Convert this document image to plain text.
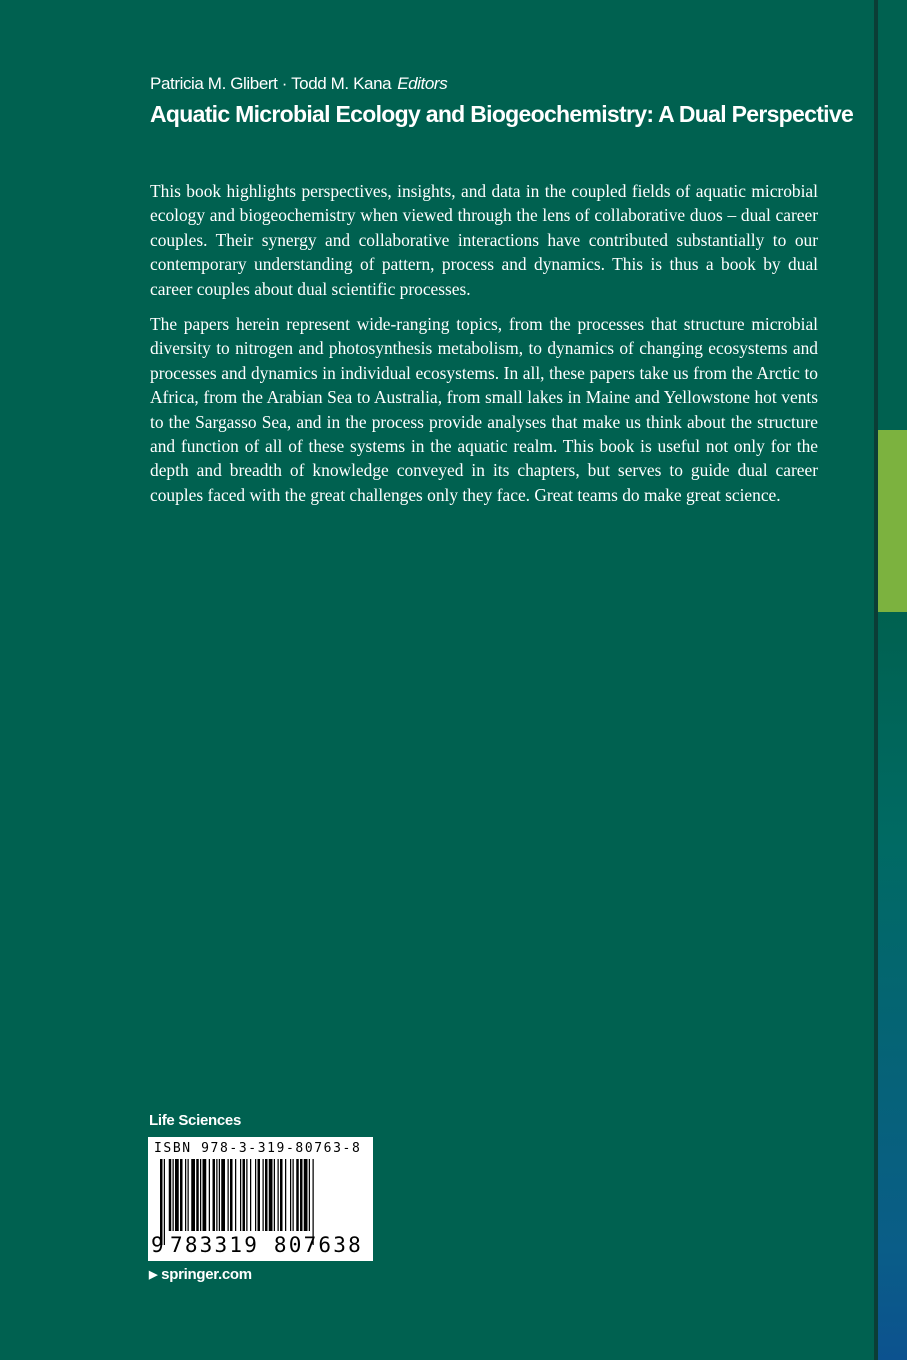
Patricia M. Glibert · Todd M. Kana Editors
Aquatic Microbial Ecology and Biogeochemistry: A Dual Perspective

This book highlights perspectives, insights, and data in the coupled fields of aquatic microbial ecology and biogeochemistry when viewed through the lens of collaborative duos – dual career couples. Their synergy and collaborative interactions have contributed substantially to our contemporary understanding of pattern, process and dynamics. This is thus a book by dual career couples about dual scientific processes.

The papers herein represent wide-ranging topics, from the processes that structure microbial diversity to nitrogen and photosynthesis metabolism, to dynamics of changing ecosystems and processes and dynamics in individual ecosystems. In all, these papers take us from the Arctic to Africa, from the Arabian Sea to Australia, from small lakes in Maine and Yellowstone hot vents to the Sargasso Sea, and in the process provide analyses that make us think about the structure and function of all of these systems in the aquatic realm. This book is useful not only for the depth and breadth of knowledge conveyed in its chapters, but serves to guide dual career couples faced with the great challenges only they face. Great teams do make great science.

Life Sciences
ISBN 978-3-319-80763-8
9 783319 807638
▶ springer.com
